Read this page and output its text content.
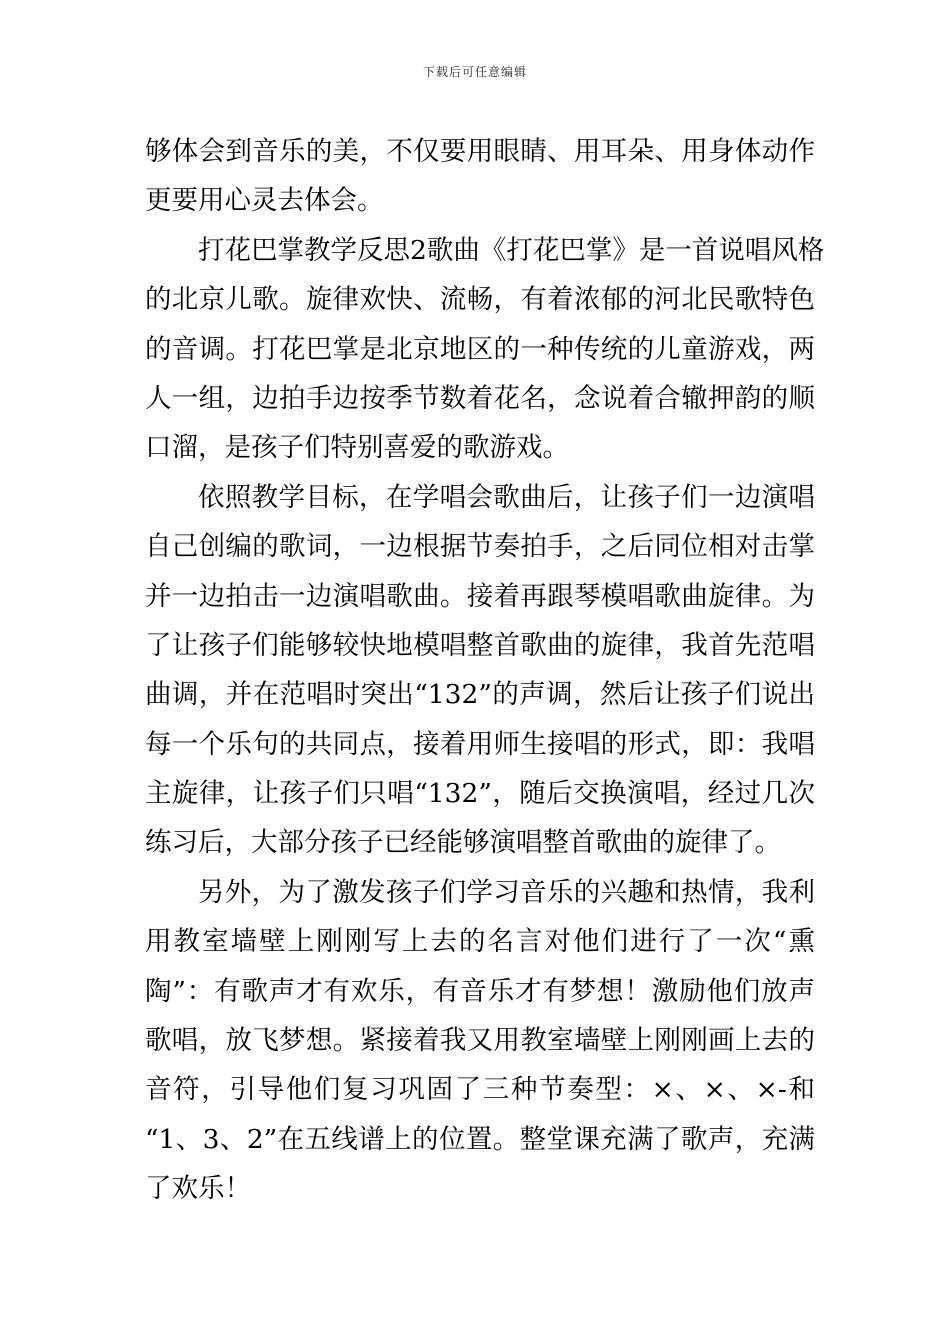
下载后可任意编辑
够体会到音乐的美，不仅要用眼睛、用耳朵、用身体动作
更要用心灵去体会。
打花巴掌教学反思2歌曲《打花巴掌》是一首说唱风格
的北京儿歌。旋律欢快、流畅，有着浓郁的河北民歌特色
的音调。打花巴掌是北京地区的一种传统的儿童游戏，两
人一组，边拍手边按季节数着花名，念说着合辙押韵的顺
口溜，是孩子们特别喜爱的歌游戏。
依照教学目标，在学唱会歌曲后，让孩子们一边演唱
自己创编的歌词，一边根据节奏拍手，之后同位相对击掌
并一边拍击一边演唱歌曲。接着再跟琴模唱歌曲旋律。为
了让孩子们能够较快地模唱整首歌曲的旋律，我首先范唱
曲调，并在范唱时突出“132”的声调，然后让孩子们说出
每一个乐句的共同点，接着用师生接唱的形式，即：我唱
主旋律，让孩子们只唱“132”，随后交换演唱，经过几次
练习后，大部分孩子已经能够演唱整首歌曲的旋律了。
另外，为了激发孩子们学习音乐的兴趣和热情，我利
用教室墙壁上刚刚写上去的名言对他们进行了一次“熏
陶”：有歌声才有欢乐，有音乐才有梦想！激励他们放声
歌唱，放飞梦想。紧接着我又用教室墙壁上刚刚画上去的
音符，引导他们复习巩固了三种节奏型：×、×、×-和
“1、3、2”在五线谱上的位置。整堂课充满了歌声，充满
了欢乐！
